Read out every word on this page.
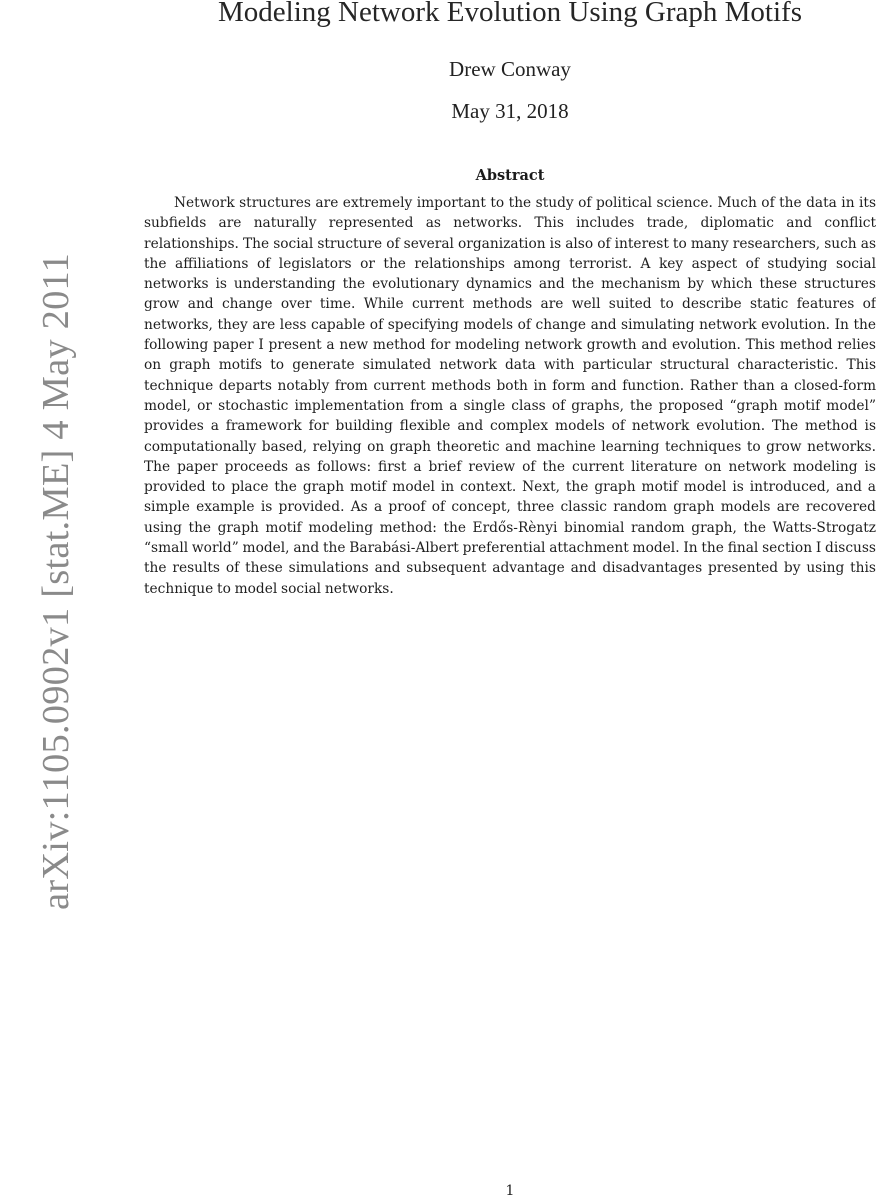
arXiv:1105.0902v1 [stat.ME] 4 May 2011
Modeling Network Evolution Using Graph Motifs
Drew Conway
May 31, 2018
Abstract

Network structures are extremely important to the study of political science. Much of the data in its subfields are naturally represented as networks. This includes trade, diplomatic and conflict relationships. The social structure of several organization is also of interest to many researchers, such as the affiliations of legislators or the relationships among terrorist. A key aspect of studying social networks is understanding the evolutionary dynamics and the mechanism by which these structures grow and change over time. While current methods are well suited to describe static features of networks, they are less capable of specifying models of change and simulating network evolution. In the following paper I present a new method for modeling network growth and evolution. This method relies on graph motifs to generate simulated network data with particular structural characteristic. This technique departs notably from current methods both in form and function. Rather than a closed-form model, or stochastic implementation from a single class of graphs, the proposed “graph motif model” provides a framework for building flexible and complex models of network evolution. The method is computationally based, relying on graph theoretic and machine learning techniques to grow networks. The paper proceeds as follows: first a brief review of the current literature on network modeling is provided to place the graph motif model in context. Next, the graph motif model is introduced, and a simple example is provided. As a proof of concept, three classic random graph models are recovered using the graph motif modeling method: the Erdős-Rènyi binomial random graph, the Watts-Strogatz “small world” model, and the Barabási-Albert preferential attachment model. In the final section I discuss the results of these simulations and subsequent advantage and disadvantages presented by using this technique to model social networks.

1
